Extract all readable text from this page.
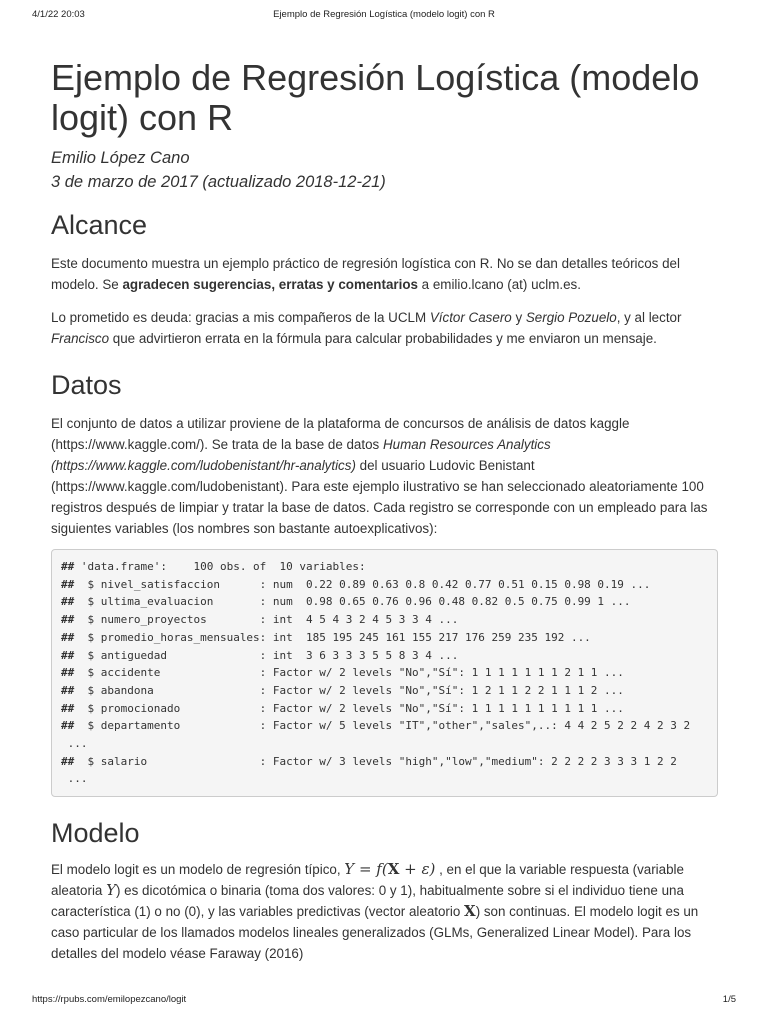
4/1/22 20:03	Ejemplo de Regresión Logística (modelo logit) con R
Ejemplo de Regresión Logística (modelo
logit) con R
Emilio López Cano
3 de marzo de 2017 (actualizado 2018-12-21)
Alcance

Este documento muestra un ejemplo práctico de regresión logística con R. No se dan detalles teóricos del modelo. Se agradecen sugerencias, erratas y comentarios a emilio.lcano (at) uclm.es.

Lo prometido es deuda: gracias a mis compañeros de la UCLM Víctor Casero y Sergio Pozuelo, y al lector Francisco que advirtieron errata en la fórmula para calcular probabilidades y me enviaron un mensaje.

Datos

El conjunto de datos a utilizar proviene de la plataforma de concursos de análisis de datos kaggle (https://www.kaggle.com/). Se trata de la base de datos Human Resources Analytics (https://www.kaggle.com/ludobenistant/hr-analytics) del usuario Ludovic Benistant (https://www.kaggle.com/ludobenistant). Para este ejemplo ilustrativo se han seleccionado aleatoriamente 100 registros después de limpiar y tratar la base de datos. Cada registro se corresponde con un empleado para las siguientes variables (los nombres son bastante autoexplicativos):

## 'data.frame':    100 obs. of  10 variables:
##  $ nivel_satisfaccion      : num  0.22 0.89 0.63 0.8 0.42 0.77 0.51 0.15 0.98 0.19 ...
##  $ ultima_evaluacion       : num  0.98 0.65 0.76 0.96 0.48 0.82 0.5 0.75 0.99 1 ...
##  $ numero_proyectos        : int  4 5 4 3 2 4 5 3 3 4 ...
##  $ promedio_horas_mensuales: int  185 195 245 161 155 217 176 259 235 192 ...
##  $ antiguedad              : int  3 6 3 3 3 5 5 8 3 4 ...
##  $ accidente               : Factor w/ 2 levels "No","Sí": 1 1 1 1 1 1 1 2 1 1 ...
##  $ abandona                : Factor w/ 2 levels "No","Sí": 1 2 1 1 2 2 1 1 1 2 ...
##  $ promocionado            : Factor w/ 2 levels "No","Sí": 1 1 1 1 1 1 1 1 1 1 ...
##  $ departamento            : Factor w/ 5 levels "IT","other","sales",..: 4 4 2 5 2 2 4 2 3 2
...
##  $ salario                 : Factor w/ 3 levels "high","low","medium": 2 2 2 2 3 3 3 1 2 2
...
Modelo

El modelo logit es un modelo de regresión típico, Y = f(X + ε) , en el que la variable respuesta (variable aleatoria Y) es dicotómica o binaria (toma dos valores: 0 y 1), habitualmente sobre si el individuo tiene una característica (1) o no (0), y las variables predictivas (vector aleatorio X) son continuas. El modelo logit es un caso particular de los llamados modelos lineales generalizados (GLMs, Generalized Linear Model). Para los detalles del modelo véase Faraway (2016)

https://rpubs.com/emilopezcano/logit	1/5
